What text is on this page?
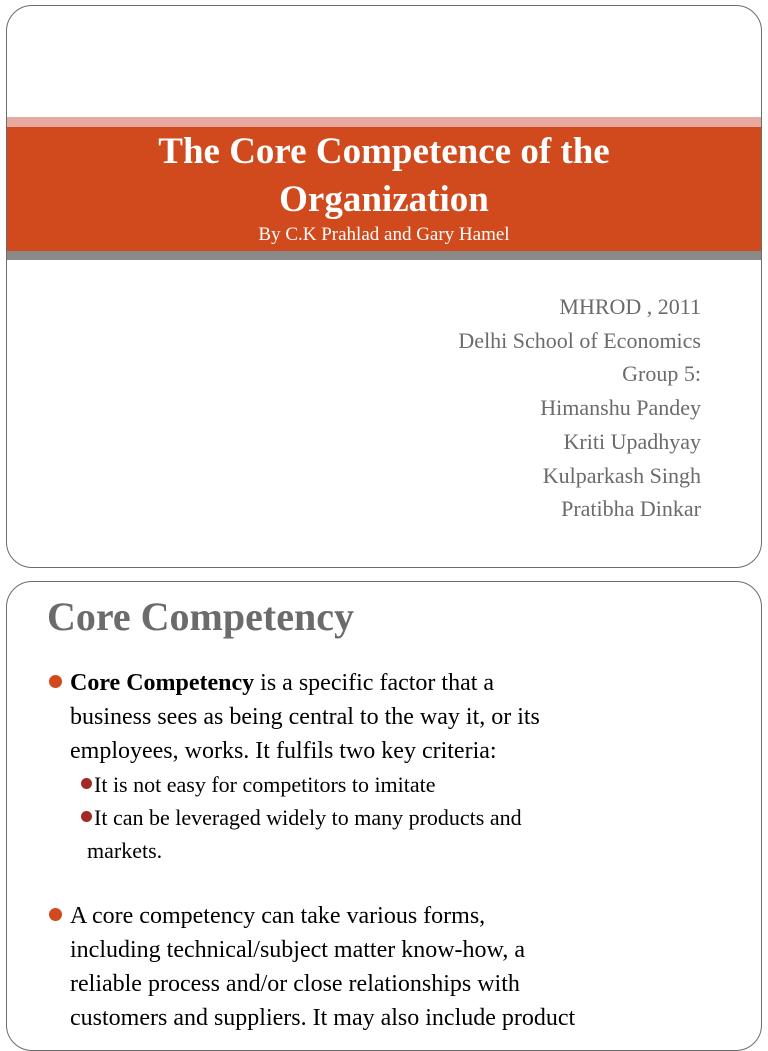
The Core Competence of the
Organization

By C.K Prahlad and Gary Hamel

MHROD , 2011
Delhi School of Economics
Group 5:
Himanshu Pandey
Kriti Upadhyay
Kulparkash Singh
Pratibha Dinkar
Core Competency
Core Competency is a specific factor that a
business sees as being central to the way it, or its
employees, works. It fulfils two key criteria:
It is not easy for competitors to imitate
It can be leveraged widely to many products and
markets.
A core competency can take various forms,
including technical/subject matter know-how, a
reliable process and/or close relationships with
customers and suppliers. It may also include product
